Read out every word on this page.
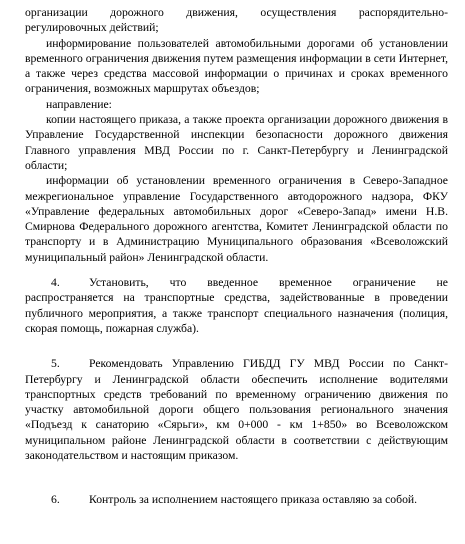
организации дорожного движения, осуществления распорядительно-регулировочных действий;

информирование пользователей автомобильными дорогами об установлении временного ограничения движения путем размещения информации в сети Интернет, а также через средства массовой информации о причинах и сроках временного ограничения, возможных маршрутах объездов;

направление:

копии настоящего приказа, а также проекта организации дорожного движения в Управление Государственной инспекции безопасности дорожного движения Главного управления МВД России по г. Санкт-Петербургу и Ленинградской области;

информации об установлении временного ограничения в Северо-Западное межрегиональное управление Государственного автодорожного надзора, ФКУ «Управление федеральных автомобильных дорог «Северо-Запад» имени Н.В. Смирнова Федерального дорожного агентства, Комитет Ленинградской области по транспорту и в Администрацию Муниципального образования «Всеволожский муниципальный район» Ленинградской области.

4. Установить, что введенное временное ограничение не распространяется на транспортные средства, задействованные в проведении публичного мероприятия, а также транспорт специального назначения (полиция, скорая помощь, пожарная служба).

5. Рекомендовать Управлению ГИБДД ГУ МВД России по Санкт-Петербургу и Ленинградской области обеспечить исполнение водителями транспортных средств требований по временному ограничению движения по участку автомобильной дороги общего пользования регионального значения «Подъезд к санаторию «Сярьги», км 0+000 - км 1+850» во Всеволожском муниципальном районе Ленинградской области в соответствии с действующим законодательством и настоящим приказом.

6. Контроль за исполнением настоящего приказа оставляю за собой.
